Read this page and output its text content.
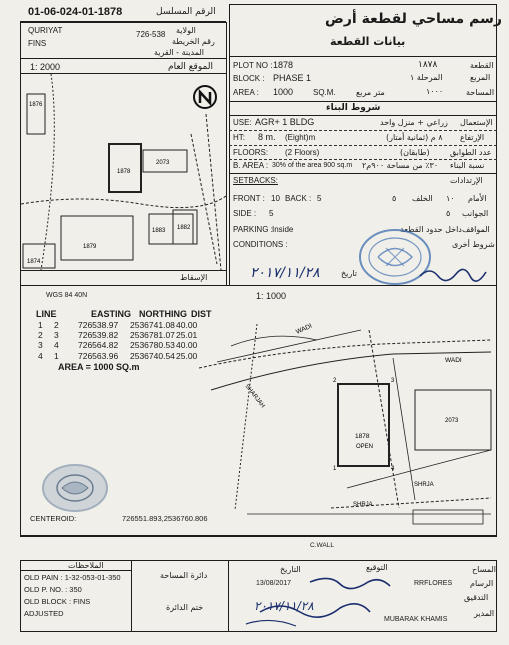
01-06-024-01-1878	الرقم المسلسل	رسم مساحي لقطعة أرض
بيانات القطعة
QURIYAT	726-538 الولاية
رقم الخريطة
FINS
المدينة - القرية
1: 2000	الموقع العام
1878
1876
2073
1883 1882
1879
1874
الإسقاط
PLOT NO : 1878	١٨٧٨	القطعة
BLOCK : PHASE 1	المرحلة ١	المربع
AREA : 1000 SQ.M.	متر مربع	١٠٠٠	المساحة
شروط البناء
USE: AGR+ 1 BLDG	زراعي + منزل واحد الإستعمال
HT: 8 m. (Eight)m	٨ م (ثمانية أمتار) الإرتفاع
FLOORS: (2 Floors)	(طابقان)	عدد الطوابق
B. AREA : 30% of the area 900 sq.m ٣٠٪ من مساحة ٩٠٠م٢ نسبة البناء
SETBACKS:	الإرتدادات
FRONT : 10 BACK : 5	٥ الخلف ١٠ الأمام
SIDE : 5	٥ الجوانب
PARKING : Inside	داخل حدود القطعة المواقف
CONDITIONS :	شروط أخرى
٢٠١٧/١١/٢٨	تاريخ
WGS 84 40N	1: 1000
LINE	EASTING NORTHING DIST
1 2 726538.97 2536741.08 40.00
2 3 726539.82 2536781.07 25.01
3 4 726564.82 2536780.53 40.00
4 1 726563.96 2536740.54 25.00
AREA = 1000 SQ.m
1
2	3
4
1878
OPEN
2073
WADI
WADI
SHARJAH
SHRJA
SHRJA
CENTEROID:	726551.893,2536760.806
C.WALL
الملاحظات
OLD PAIN : 1-32-053-01-350
OLD P. NO. : 350
OLD BLOCK : FINS
ADJUSTED
دائرة المساحة
ختم الدائرة
التوقيع
التاريخ	المساح
13/08/2017	RRFLORES الرسام
التدقيق
MUBARAK KHAMIS
المدير
٢٠١٧/١١/٢٨
